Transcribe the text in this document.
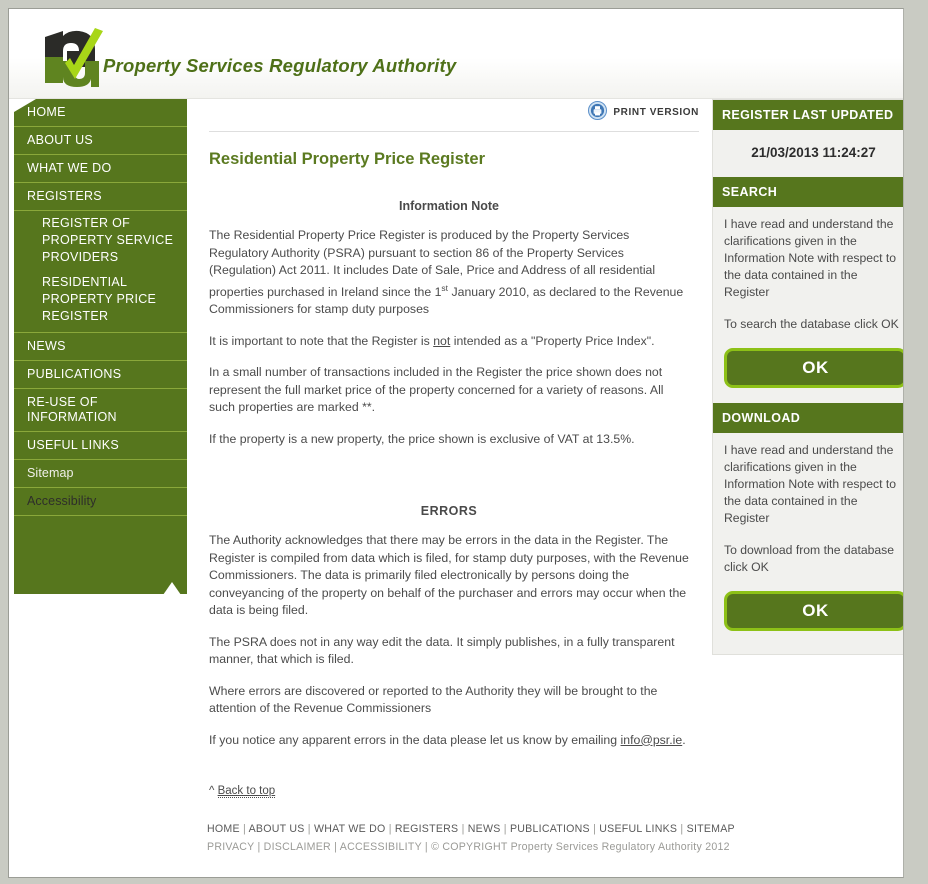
Property Services Regulatory Authority
HOME
ABOUT US
WHAT WE DO
REGISTERS
REGISTER OF PROPERTY SERVICE PROVIDERS
RESIDENTIAL PROPERTY PRICE REGISTER
NEWS
PUBLICATIONS
RE-USE OF INFORMATION
USEFUL LINKS
Sitemap
Accessibility
PRINT VERSION
Residential Property Price Register
Information Note

The Residential Property Price Register is produced by the Property Services Regulatory Authority (PSRA) pursuant to section 86 of the Property Services (Regulation) Act 2011. It includes Date of Sale, Price and Address of all residential properties purchased in Ireland since the 1st January 2010, as declared to the Revenue Commissioners for stamp duty purposes

It is important to note that the Register is not intended as a "Property Price Index".

In a small number of transactions included in the Register the price shown does not represent the full market price of the property concerned for a variety of reasons. All such properties are marked **.

If the property is a new property, the price shown is exclusive of VAT at 13.5%.

ERRORS

The Authority acknowledges that there may be errors in the data in the Register. The Register is compiled from data which is filed, for stamp duty purposes, with the Revenue Commissioners. The data is primarily filed electronically by persons doing the conveyancing of the property on behalf of the purchaser and errors may occur when the data is being filed.

The PSRA does not in any way edit the data. It simply publishes, in a fully transparent manner, that which is filed.

Where errors are discovered or reported to the Authority they will be brought to the attention of the Revenue Commissioners

If you notice any apparent errors in the data please let us know by emailing info@psr.ie.

^ Back to top
REGISTER LAST UPDATED
21/03/2013 11:24:27
SEARCH
I have read and understand the clarifications given in the Information Note with respect to the data contained in the Register
To search the database click OK
OK
DOWNLOAD
I have read and understand the clarifications given in the Information Note with respect to the data contained in the Register
To download from the database click OK
OK
HOME | ABOUT US | WHAT WE DO | REGISTERS | NEWS | PUBLICATIONS | USEFUL LINKS | SITEMAP
PRIVACY | DISCLAIMER | ACCESSIBILITY | © COPYRIGHT Property Services Regulatory Authority 2012
